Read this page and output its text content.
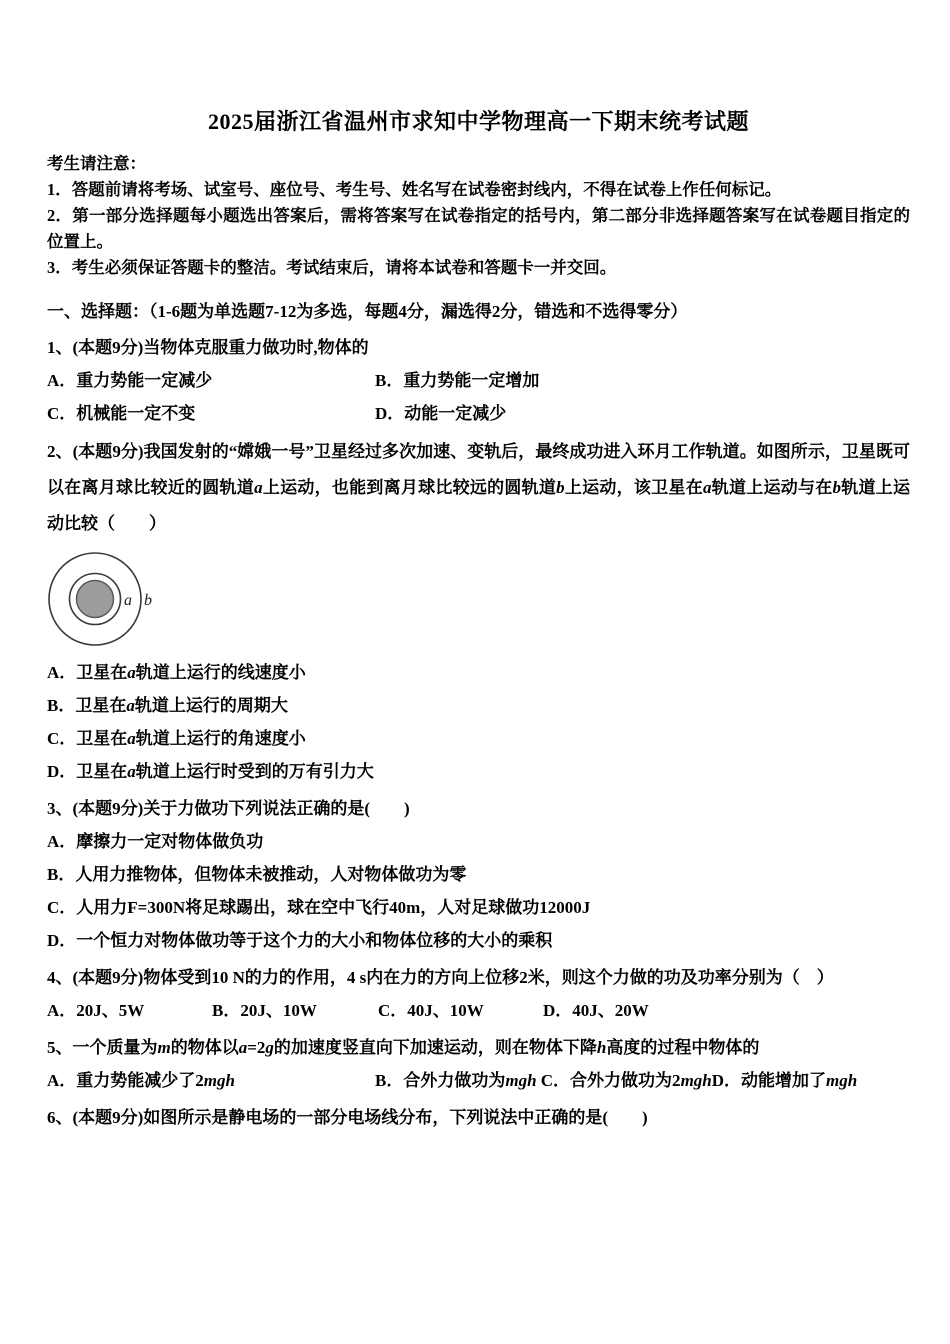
2025届浙江省温州市求知中学物理高一下期末统考试题

考生请注意：

1．答题前请将考场、试室号、座位号、考生号、姓名写在试卷密封线内，不得在试卷上作任何标记。

2．第一部分选择题每小题选出答案后，需将答案写在试卷指定的括号内，第二部分非选择题答案写在试卷题目指定的位置上。

3．考生必须保证答题卡的整洁。考试结束后，请将本试卷和答题卡一并交回。

一、选择题：（1-6题为单选题7-12为多选，每题4分，漏选得2分，错选和不选得零分）

1、(本题9分)当物体克服重力做功时,物体的

A．重力势能一定减少	B．重力势能一定增加
C．机械能一定不变	D．动能一定减少

2、(本题9分)我国发射的“嫦娥一号”卫星经过多次加速、变轨后，最终成功进入环月工作轨道。如图所示，卫星既可以在离月球比较近的圆轨道a上运动，也能到离月球比较远的圆轨道b上运动，该卫星在a轨道上运动与在b轨道上运动比较（　　）

a b
A．卫星在a轨道上运行的线速度小
B．卫星在a轨道上运行的周期大
C．卫星在a轨道上运行的角速度小
D．卫星在a轨道上运行时受到的万有引力大

3、(本题9分)关于力做功下列说法正确的是(　　)

A．摩擦力一定对物体做负功
B．人用力推物体，但物体未被推动，人对物体做功为零
C．人用力F=300N将足球踢出，球在空中飞行40m，人对足球做功12000J
D．一个恒力对物体做功等于这个力的大小和物体位移的大小的乘积

4、(本题9分)物体受到10 N的力的作用，4 s内在力的方向上位移2米，则这个力做的功及功率分别为（　）

A．20J、5W	B．20J、10W	C．40J、10W	D．40J、20W

5、一个质量为m的物体以a=2g的加速度竖直向下加速运动，则在物体下降h高度的过程中物体的

A．重力势能减少了2mgh	B．合外力做功为mgh C．合外力做功为2mghD．动能增加了mgh

6、(本题9分)如图所示是静电场的一部分电场线分布，下列说法中正确的是(　　)
